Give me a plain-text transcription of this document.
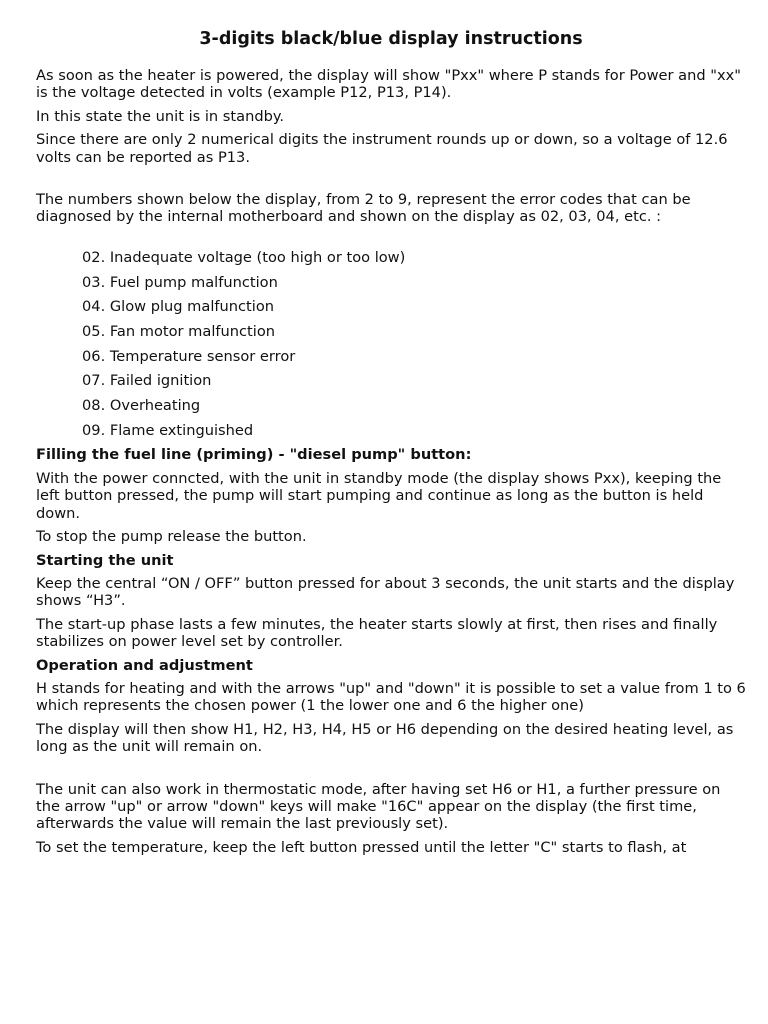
3-digits black/blue display instructions
As soon as the heater is powered, the display will show "Pxx" where P stands for Power and "xx" is the voltage detected in volts (example P12, P13, P14).
In this state the unit is in standby.
Since there are only 2 numerical digits the instrument rounds up or down, so a voltage of 12.6 volts can be reported as P13.
The numbers shown below the display, from 2 to 9, represent the error codes that can be diagnosed by the internal motherboard and shown on the display as 02, 03, 04, etc. :
02. Inadequate voltage (too high or too low)
03. Fuel pump malfunction
04. Glow plug malfunction
05. Fan motor malfunction
06. Temperature sensor error
07. Failed ignition
08. Overheating
09. Flame extinguished
Filling the fuel line (priming) - "diesel pump" button:
With the power conncted, with the unit in standby mode (the display shows Pxx), keeping the left button pressed, the pump will start pumping and continue as long as the button is held down.
To stop the pump release the button.
Starting the unit
Keep the central “ON / OFF” button pressed for about 3 seconds, the unit starts and the display shows “H3”.
The start-up phase lasts a few minutes, the heater starts slowly at first, then rises and finally stabilizes on power level set by controller.
Operation and adjustment
H stands for heating and with the arrows "up" and "down" it is possible to set a value from 1 to 6 which represents the chosen power (1 the lower one and 6 the higher one)
The display will then show H1, H2, H3, H4, H5 or H6 depending on the desired heating level, as long as the unit will remain on.
The unit can also work in thermostatic mode, after having set H6 or H1, a further pressure on the arrow "up" or arrow "down" keys will make "16C" appear on the display (the first time, afterwards the value will remain the last previously set).
To set the temperature, keep the left button pressed until the letter "C" starts to flash, at
